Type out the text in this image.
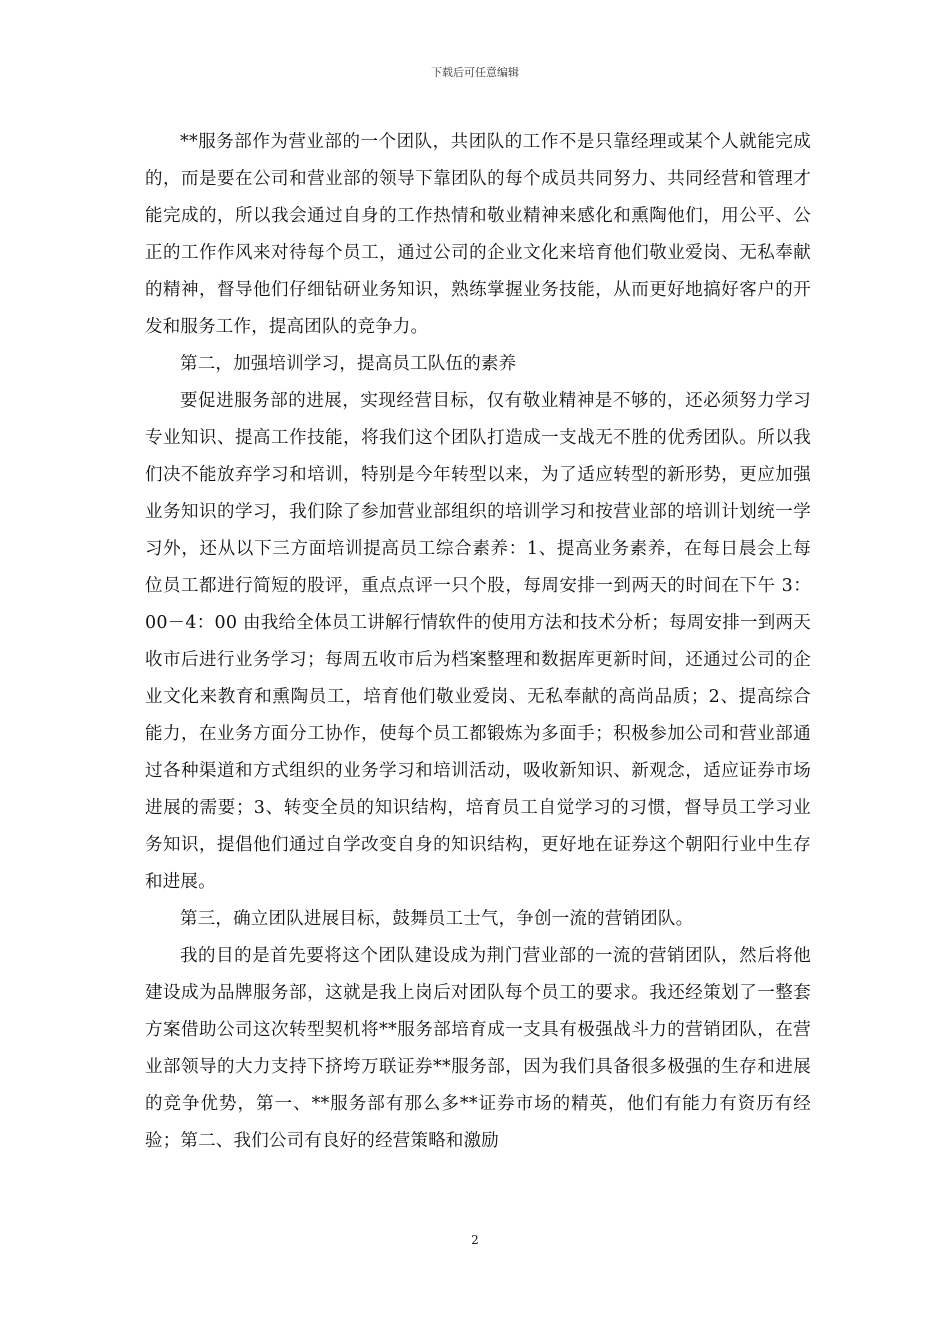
下载后可任意编辑

**服务部作为营业部的一个团队，共团队的工作不是只靠经理或某个人就能完成的，而是要在公司和营业部的领导下靠团队的每个成员共同努力、共同经营和管理才能完成的，所以我会通过自身的工作热情和敬业精神来感化和熏陶他们，用公平、公正的工作作风来对待每个员工，通过公司的企业文化来培育他们敬业爱岗、无私奉献的精神，督导他们仔细钻研业务知识，熟练掌握业务技能，从而更好地搞好客户的开发和服务工作，提高团队的竞争力。

第二，加强培训学习，提高员工队伍的素养

要促进服务部的进展，实现经营目标，仅有敬业精神是不够的，还必须努力学习专业知识、提高工作技能，将我们这个团队打造成一支战无不胜的优秀团队。所以我们决不能放弃学习和培训，特别是今年转型以来，为了适应转型的新形势，更应加强业务知识的学习，我们除了参加营业部组织的培训学习和按营业部的培训计划统一学习外，还从以下三方面培训提高员工综合素养：1、提高业务素养，在每日晨会上每位员工都进行简短的股评，重点点评一只个股，每周安排一到两天的时间在下午 3：00－4：00 由我给全体员工讲解行情软件的使用方法和技术分析；每周安排一到两天收市后进行业务学习；每周五收市后为档案整理和数据库更新时间，还通过公司的企业文化来教育和熏陶员工，培育他们敬业爱岗、无私奉献的高尚品质；2、提高综合能力，在业务方面分工协作，使每个员工都锻炼为多面手；积极参加公司和营业部通过各种渠道和方式组织的业务学习和培训活动，吸收新知识、新观念，适应证券市场进展的需要；3、转变全员的知识结构，培育员工自觉学习的习惯，督导员工学习业务知识，提倡他们通过自学改变自身的知识结构，更好地在证券这个朝阳行业中生存和进展。

第三，确立团队进展目标，鼓舞员工士气，争创一流的营销团队。

我的目的是首先要将这个团队建设成为荆门营业部的一流的营销团队，然后将他建设成为品牌服务部，这就是我上岗后对团队每个员工的要求。我还经策划了一整套方案借助公司这次转型契机将**服务部培育成一支具有极强战斗力的营销团队，在营业部领导的大力支持下挤垮万联证券**服务部，因为我们具备很多极强的生存和进展的竞争优势，第一、**服务部有那么多**证券市场的精英，他们有能力有资历有经验；第二、我们公司有良好的经营策略和激励

2
